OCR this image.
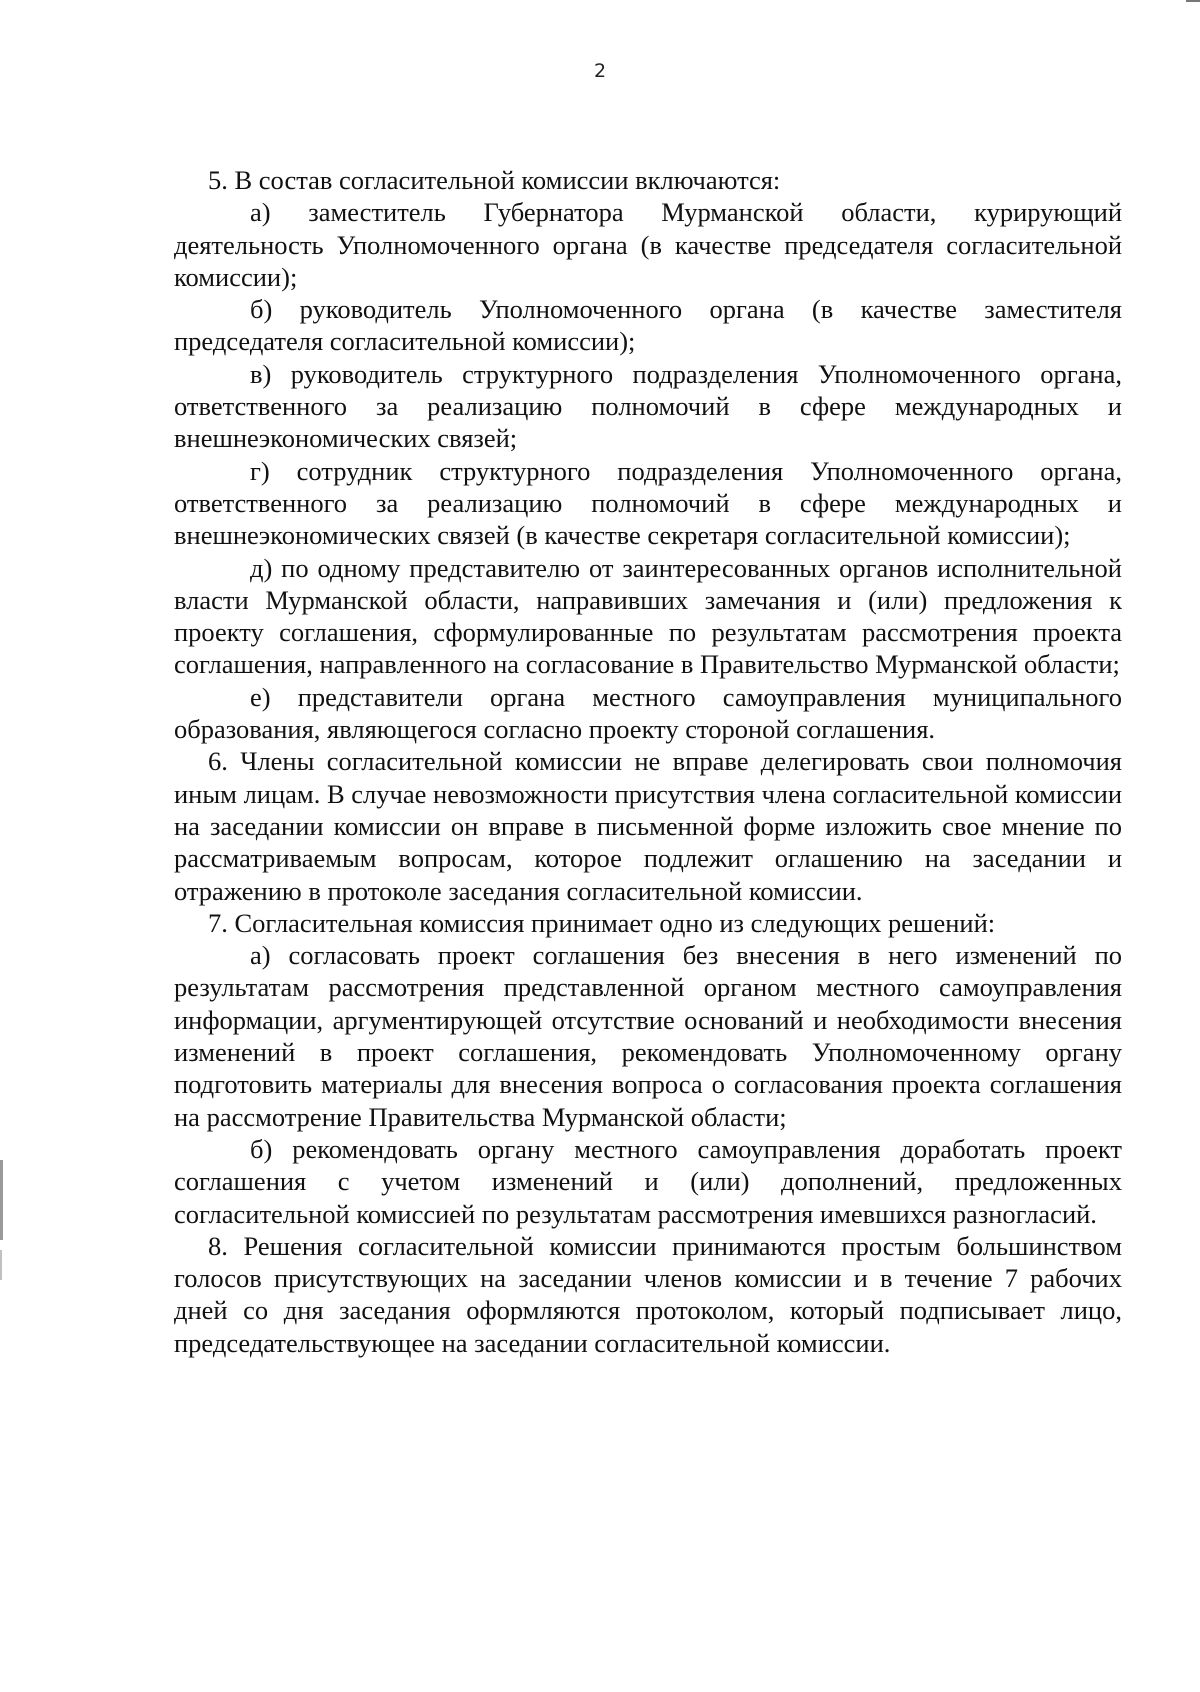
2

5. В состав согласительной комиссии включаются:

а) заместитель Губернатора Мурманской области, курирующий деятельность Уполномоченного органа (в качестве председателя согласительной комиссии);

б) руководитель Уполномоченного органа (в качестве заместителя председателя согласительной комиссии);

в) руководитель структурного подразделения Уполномоченного органа, ответственного за реализацию полномочий в сфере международных и внешнеэкономических связей;

г) сотрудник структурного подразделения Уполномоченного органа, ответственного за реализацию полномочий в сфере международных и внешнеэкономических связей (в качестве секретаря согласительной комиссии);

д) по одному представителю от заинтересованных органов исполнительной власти Мурманской области, направивших замечания и (или) предложения к проекту соглашения, сформулированные по результатам рассмотрения проекта соглашения, направленного на согласование в Правительство Мурманской области;

е) представители органа местного самоуправления муниципального образования, являющегося согласно проекту стороной соглашения.

6. Члены согласительной комиссии не вправе делегировать свои полномочия иным лицам. В случае невозможности присутствия члена согласительной комиссии на заседании комиссии он вправе в письменной форме изложить свое мнение по рассматриваемым вопросам, которое подлежит оглашению на заседании и отражению в протоколе заседания согласительной комиссии.

7. Согласительная комиссия принимает одно из следующих решений:

а) согласовать проект соглашения без внесения в него изменений по результатам рассмотрения представленной органом местного самоуправления информации, аргументирующей отсутствие оснований и необходимости внесения изменений в проект соглашения, рекомендовать Уполномоченному органу подготовить материалы для внесения вопроса о согласования проекта соглашения на рассмотрение Правительства Мурманской области;

б) рекомендовать органу местного самоуправления доработать проект соглашения с учетом изменений и (или) дополнений, предложенных согласительной комиссией по результатам рассмотрения имевшихся разногласий.

8. Решения согласительной комиссии принимаются простым большинством голосов присутствующих на заседании членов комиссии и в течение 7 рабочих дней со дня заседания оформляются протоколом, который подписывает лицо, председательствующее на заседании согласительной комиссии.
